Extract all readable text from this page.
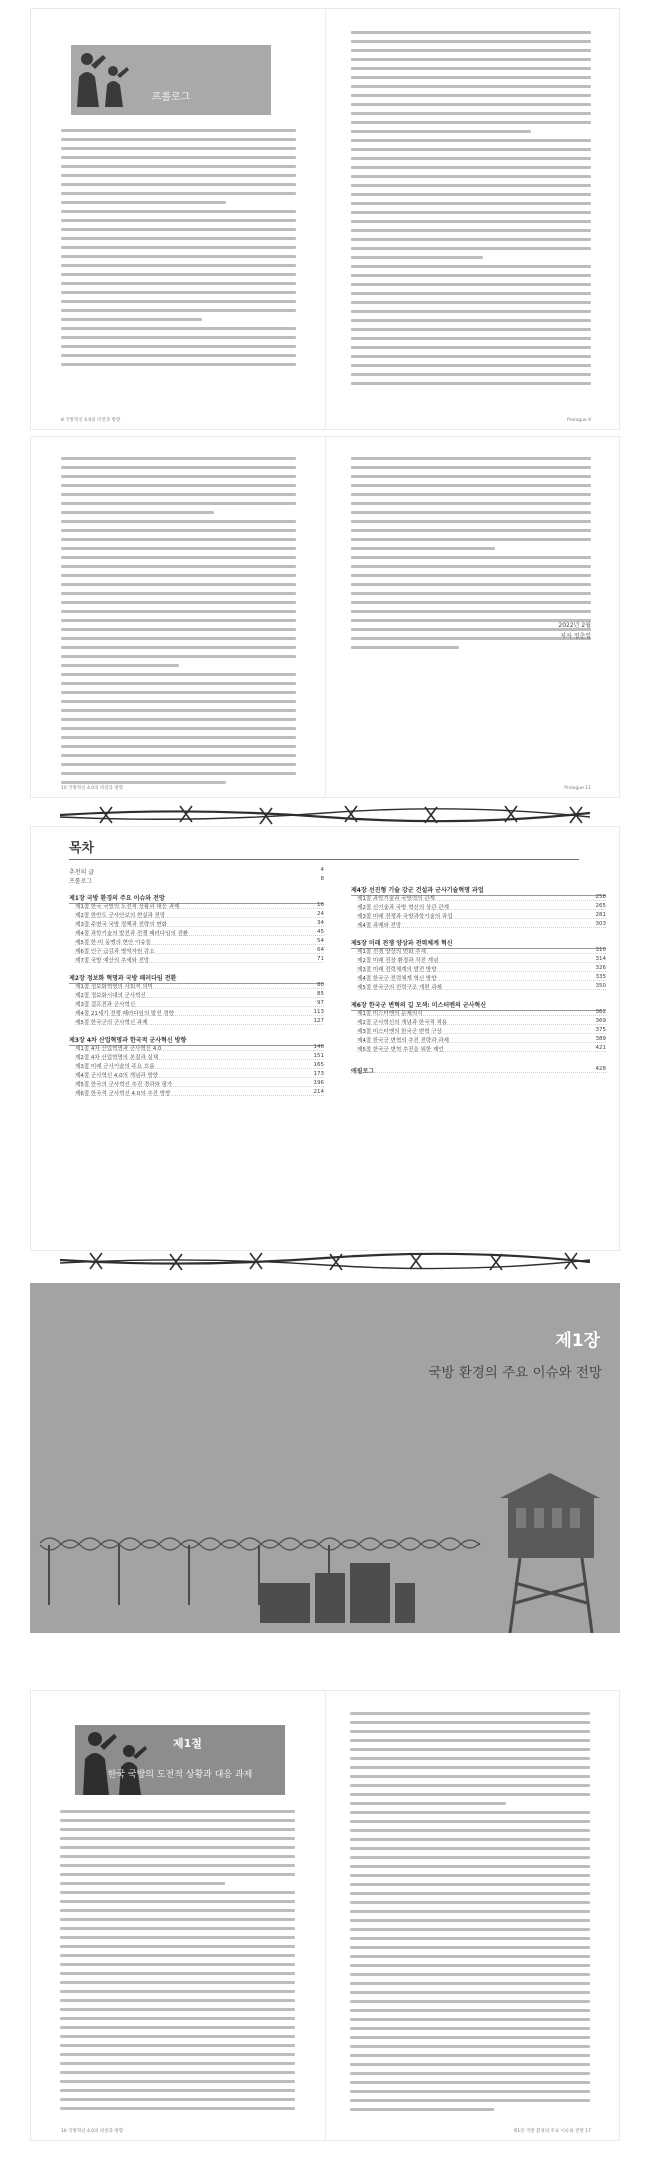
프롤로그
8 국방혁신 4.0의 비전과 방향	Prologue 9
10 국방혁신 4.0의 비전과 방향
2022년 2월
저자 정춘일
Prologue 11
목차
추천의 글	4
프롤로그	8
제1장 국방 환경의 주요 이슈와 전망
제1절 한국 국방의 도전적 상황과 대응 과제	16
제2절 한반도 군사안보의 현실과 전망	24
제3절 주변국 국방 정책과 전략의 변화	34
제4절 과학기술의 발전과 전쟁 패러다임의 전환	45
제5절 한·미 동맹의 현안 이슈들	54
제6절 인구 급감과 병역자원 감소	64
제7절 국방 예산의 추세와 전망	71
제2장 정보화 혁명과 국방 패러다임 전환
제1절 정보화혁명의 사회적 의미	80
제2절 정보화시대의 군사혁신	85
제3절 걸프전과 군사혁신	97
제4절 21세기 전쟁 패러다임의 발전 경향	113
제5절 한국군의 군사혁신 과제	127
제3장 4차 산업혁명과 한국적 군사혁신 방향
제1절 4차 산업혁명과 군사혁신 4.0	146
제2절 4차 산업혁명의 본질과 실체	151
제3절 미래 군사기술의 주요 흐름	165
제4절 군사혁신 4.0의 개념과 방향	173
제5절 한국의 군사혁신 추진 경과와 평가	196
제6절 한국적 군사혁신 4.0의 추진 방향	214
제4장 선진형 기술 강군 건설과 군사기술혁명 과업
제1절 과학기술과 국방력의 관계	258
제2절 신기술과 국방 혁신의 상관 관계	265
제3절 미래 전쟁과 국방과학기술의 과업	281
제4절 과제와 전망	303
제5장 미래 전쟁 양상과 전력체계 혁신
제1절 전쟁 양상의 변화 추세	310
제2절 미래 전장 환경과 작전 개념	314
제3절 미래 전력체계의 발전 방향	326
제4절 한국군 전력체계 혁신 방향	335
제5절 한국군의 전력구조 개편 과제	350
제6장 한국군 변혁의 길 모색: 미스터맨의 군사혁신
제1절 미스터맨의 문제의식	362
제2절 군사혁신의 개념과 한국적 적용	369
제3절 미스터맨의 한국군 변혁 구상	375
제4절 한국군 변혁의 추진 전략과 과제	389
제5절 한국군 변혁 추진을 위한 제언	421
에필로그	428
제1장
국방 환경의 주요 이슈와 전망
16 국방혁신 4.0의 비전과 방향	제1장 국방 환경의 주요 이슈와 전망 17
제1절
한국 국방의 도전적 상황과 대응 과제
